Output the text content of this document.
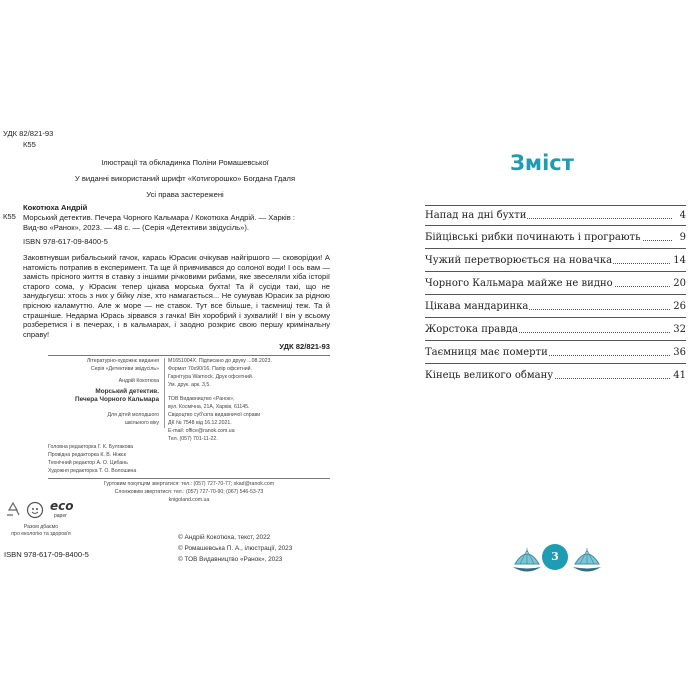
УДК 82/821-93
К55
Ілюстрації та обкладинка Поліни Ромашевської
У виданні використаний шрифт «Котигорошко» Богдана Гдаля
Усі права застережені
К55
Кокотюха Андрій
Морський детектив. Печера Чорного Кальмара / Кокотюха Андрій. — Харків :
Вид-во «Ранок», 2023. — 48 с. — (Серія «Детективи звідусіль»).
ISBN 978-617-09-8400-5
Заковтнувши рибальський гачок, карась Юрасик очікував найгіршого — сковорідки! А натомість потрапив в експеримент. Та ще й привчивався до солоної води! І ось вам — замість прісного життя в ставку з іншими річковими рибами, яке звеселяли хіба історії старого сома, у Юрасик тепер цікава морська бухта! Та й сусіди такі, що не занудьгуєш: хтось з них у бійку лізе, хто намагається... Не сумував Юрасик за рідною прісною каламуттю. Але ж море — не ставок. Тут все більше, і таємниці теж. Та й страшніше. Недарма Юрась зірвався з гачка! Він хоробрий і зухвалий! І він у всьому розберетися і в печерах, і в кальмарах, і заодно розкриє свою першу кримінальну справу!
УДК 82/821-93
Літературно-художнє видання
Серія «Детективи звідусіль»
Андрій Кокотюха
Морський детектив.
Печера Чорного Кальмара
Для дітей молодшого
шкільного віку
М1651004Х. Підписано до друку ...08.2023.
Формат 70х90/16. Папір офсетний.
Гарнітура Warnock. Друк офсетний.
Ум. друк. арк. 3,5.
ТОВ Видавництво «Ранок»,
вул. Космічна, 21А, Харків, 61145.
Свідоцтво суб'єкта видавничої справи
ДК № 7548 від 16.12.2021.
E-mail: office@ranok.com.ua
Тел. (057) 701-11-22.
Головна редакторка Г. К. Булгакова
Провідна редакторка К. В. Ніжєк
Технічний редактор А. О. Цибань
Художня редакторка Т. О. Волошина
Гуртовим покупцям звертатися: тел.: (057) 727-70-77; skad@ranok.com
Слонжовим звертатися: тел.: (057) 727-70-90; (067) 546-53-73
knigoland.com.ua
eco
paper
Разом дбаємо
про екологію та здоров'я
ISBN 978-617-09-8400-5
© Андрій Кокотюха, текст, 2022
© Ромашевська П. А., ілюстрації, 2023
© ТОВ Видавництво «Ранок», 2023
Зміст
Напад на дні бухти	4
Бійцівські рибки починають і програють	9
Чужий перетворюється на новачка	14
Чорного Кальмара майже не видно	20
Цікава мандаринка	26
Жорстока правда	32
Таємниця має померти	36
Кінець великого обману	41
3
